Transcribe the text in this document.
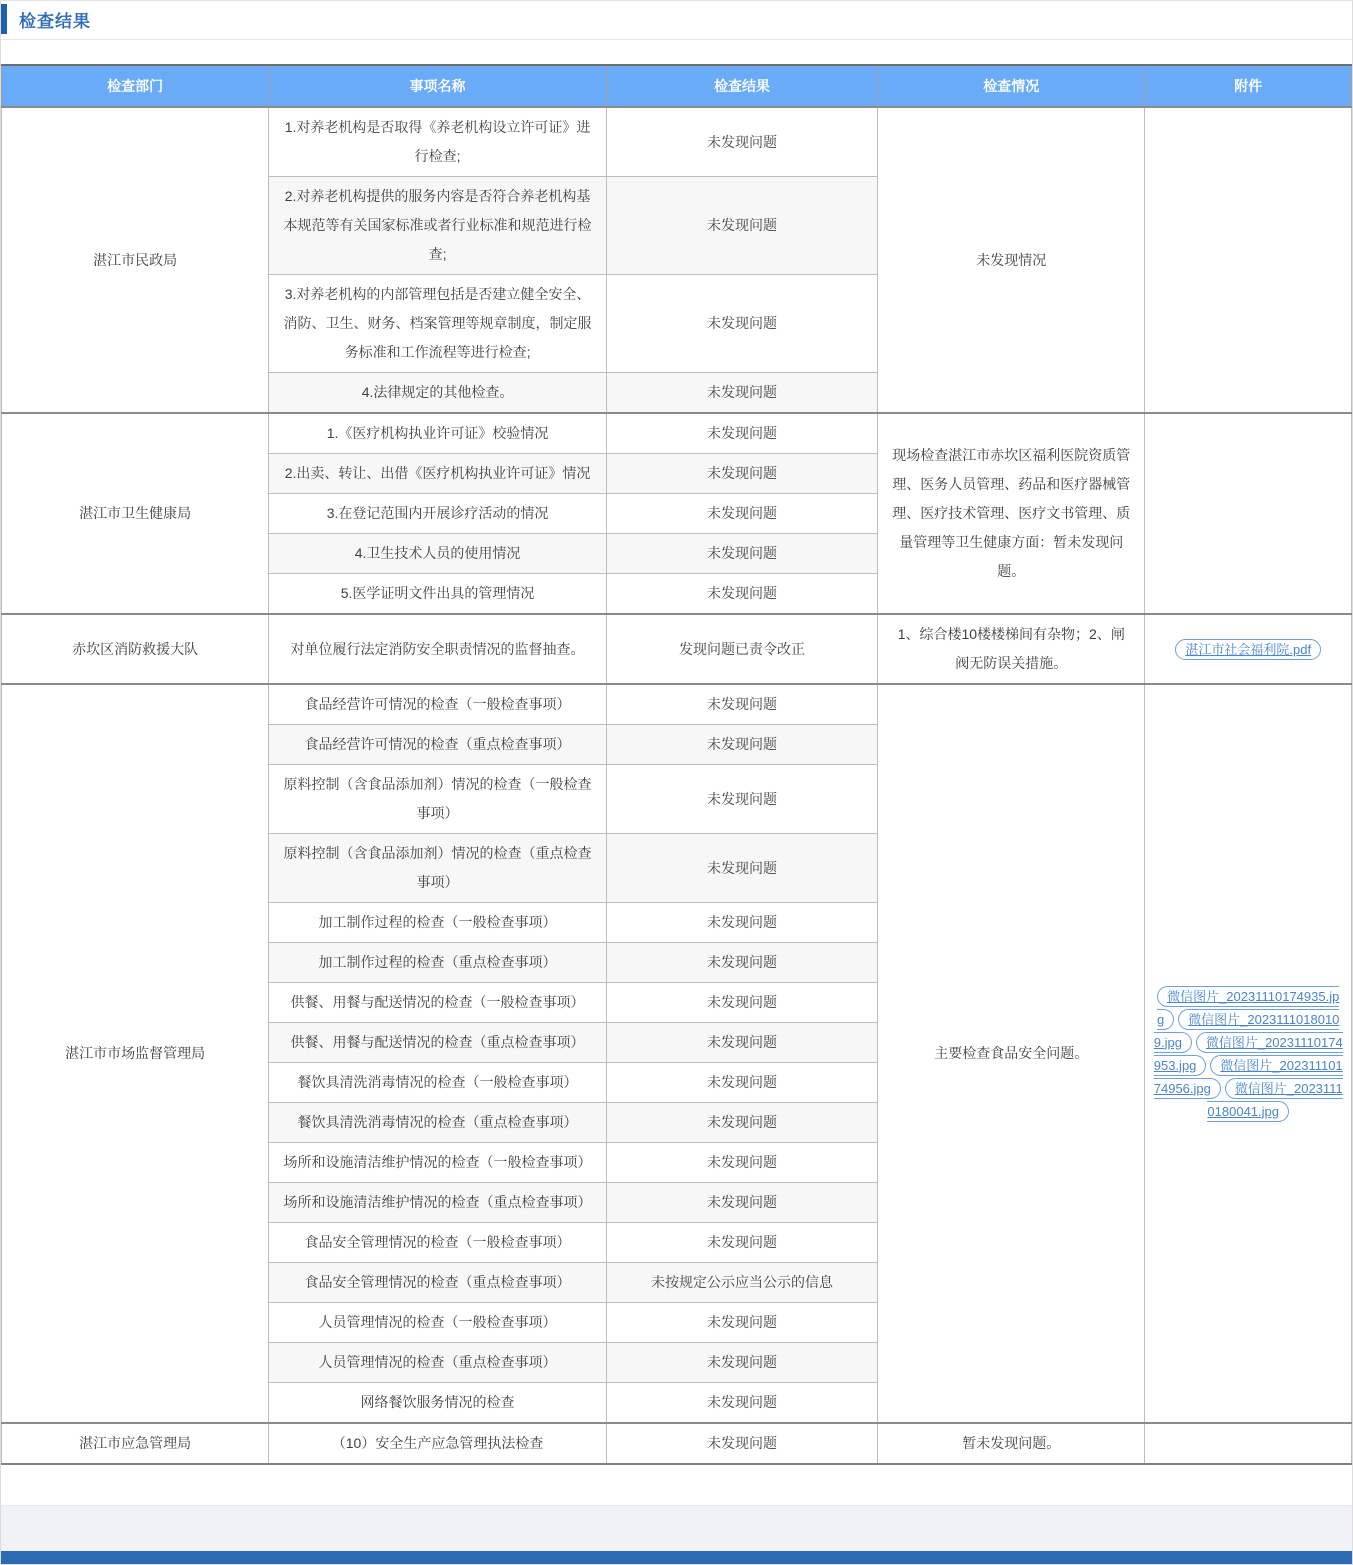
检查结果
检查部门	事项名称	检查结果	检查情况	附件
湛江市民政局	1.对养老机构是否取得《养老机构设立许可证》进行检查;	未发现问题	未发现情况	
	2.对养老机构提供的服务内容是否符合养老机构基本规范等有关国家标准或者行业标准和规范进行检查;	未发现问题		
	3.对养老机构的内部管理包括是否建立健全安全、消防、卫生、财务、档案管理等规章制度，制定服务标准和工作流程等进行检查;	未发现问题		
	4.法律规定的其他检查。	未发现问题		
湛江市卫生健康局	1.《医疗机构执业许可证》校验情况	未发现问题	现场检查湛江市赤坎区福利医院资质管理、医务人员管理、药品和医疗器械管理、医疗技术管理、医疗文书管理、质量管理等卫生健康方面：暂未发现问题。	
	2.出卖、转让、出借《医疗机构执业许可证》情况	未发现问题		
	3.在登记范围内开展诊疗活动的情况	未发现问题		
	4.卫生技术人员的使用情况	未发现问题		
	5.医学证明文件出具的管理情况	未发现问题		
赤坎区消防救援大队	对单位履行法定消防安全职责情况的监督抽查。	发现问题已责令改正	1、综合楼10楼楼梯间有杂物；2、闸阀无防误关措施。	湛江市社会福利院.pdf
湛江市市场监督管理局	食品经营许可情况的检查（一般检查事项）	未发现问题	主要检查食品安全问题。	微信图片_20231110174935.jpg 微信图片_20231110180109.jpg 微信图片_20231110174953.jpg 微信图片_20231110174956.jpg 微信图片_20231110180041.jpg
	食品经营许可情况的检查（重点检查事项）	未发现问题		
	原料控制（含食品添加剂）情况的检查（一般检查事项）	未发现问题		
	原料控制（含食品添加剂）情况的检查（重点检查事项）	未发现问题		
	加工制作过程的检查（一般检查事项）	未发现问题		
	加工制作过程的检查（重点检查事项）	未发现问题		
	供餐、用餐与配送情况的检查（一般检查事项）	未发现问题		
	供餐、用餐与配送情况的检查（重点检查事项）	未发现问题		
	餐饮具清洗消毒情况的检查（一般检查事项）	未发现问题		
	餐饮具清洗消毒情况的检查（重点检查事项）	未发现问题		
	场所和设施清洁维护情况的检查（一般检查事项）	未发现问题		
	场所和设施清洁维护情况的检查（重点检查事项）	未发现问题		
	食品安全管理情况的检查（一般检查事项）	未发现问题		
	食品安全管理情况的检查（重点检查事项）	未按规定公示应当公示的信息		
	人员管理情况的检查（一般检查事项）	未发现问题		
	人员管理情况的检查（重点检查事项）	未发现问题		
	网络餐饮服务情况的检查	未发现问题		
湛江市应急管理局	（10）安全生产应急管理执法检查	未发现问题	暂未发现问题。	
